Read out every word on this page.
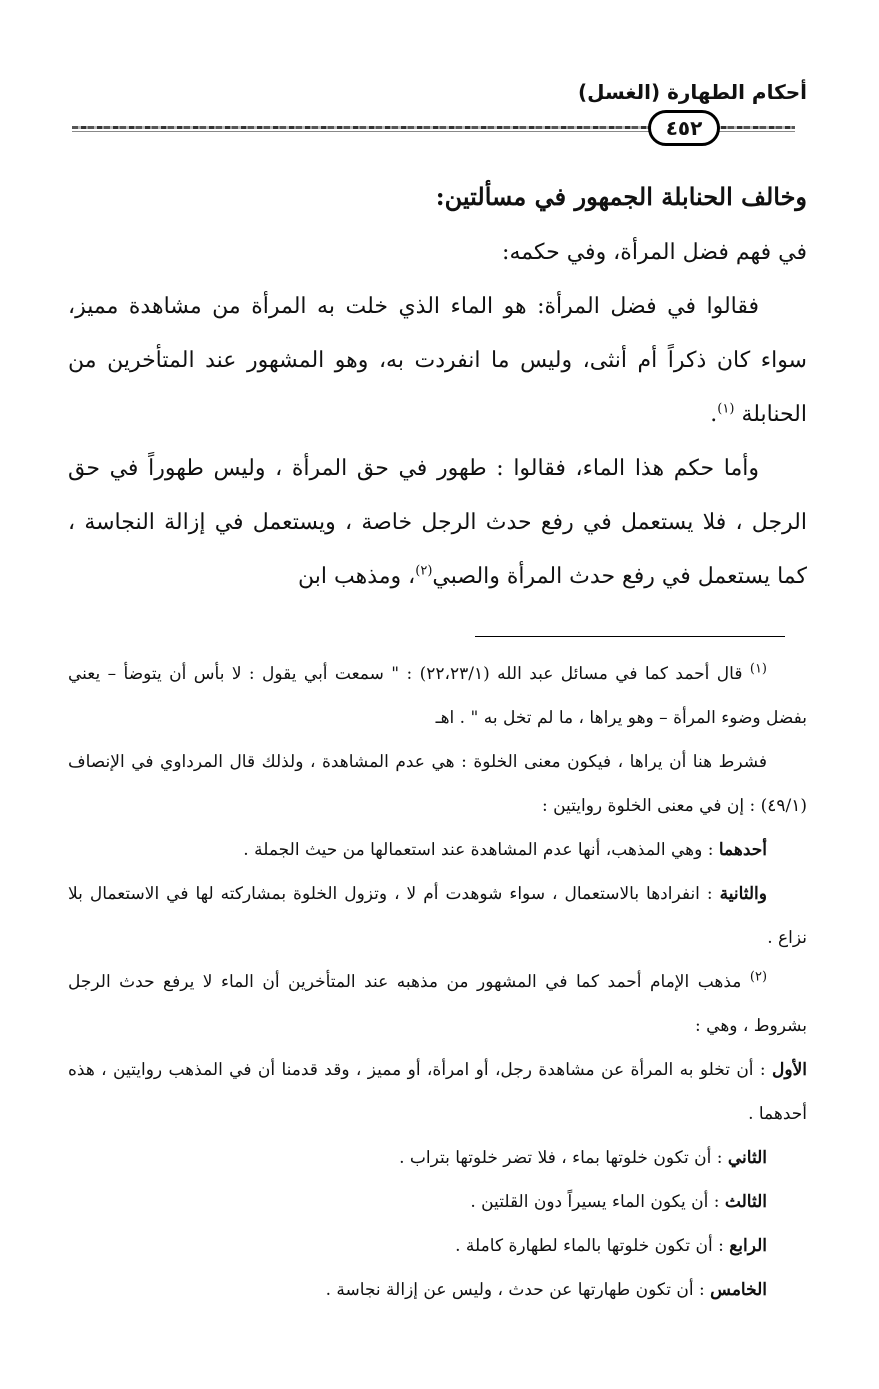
أحكام الطهارة (الغسل)
٤٥٢

وخالف الحنابلة الجمهور في مسألتين:

في فهم فضل المرأة، وفي حكمه:

فقالوا في فضل المرأة: هو الماء الذي خلت به المرأة من مشاهدة مميز، سواء كان ذكراً أم أنثى، وليس ما انفردت به، وهو المشهور عند المتأخرين من الحنابلة $^{(١)}$.

وأما حكم هذا الماء، فقالوا : طهور في حق المرأة ، وليس طهوراً في حق الرجل ، فلا يستعمل في رفع حدث الرجل خاصة ، ويستعمل في إزالة النجاسة ، كما يستعمل في رفع حدث المرأة والصبي$^{(٢)}$، ومذهب ابن

$^{(١)}$ قال أحمد كما في مسائل عبد الله (٢٢،٢٣/١) : " سمعت أبي يقول : لا بأس أن يتوضأ – يعني بفضل وضوء المرأة – وهو يراها ، ما لم تخل به " . اهـ

فشرط هنا أن يراها ، فيكون معنى الخلوة : هي عدم المشاهدة ، ولذلك قال المرداوي في الإنصاف (٤٩/١) : إن في معنى الخلوة روايتين :

أحدهما : وهي المذهب، أنها عدم المشاهدة عند استعمالها من حيث الجملة .

والثانية : انفرادها بالاستعمال ، سواء شوهدت أم لا ، وتزول الخلوة بمشاركته لها في الاستعمال بلا نزاع .

$^{(٢)}$ مذهب الإمام أحمد كما في المشهور من مذهبه عند المتأخرين أن الماء لا يرفع حدث الرجل بشروط ، وهي :

الأول : أن تخلو به المرأة عن مشاهدة رجل، أو امرأة، أو مميز ، وقد قدمنا أن في المذهب روايتين ، هذه أحدهما .

الثاني : أن تكون خلوتها بماء ، فلا تضر خلوتها بتراب .

الثالث : أن يكون الماء يسيراً دون القلتين .

الرابع : أن تكون خلوتها بالماء لطهارة كاملة .

الخامس : أن تكون طهارتها عن حدث ، وليس عن إزالة نجاسة .
